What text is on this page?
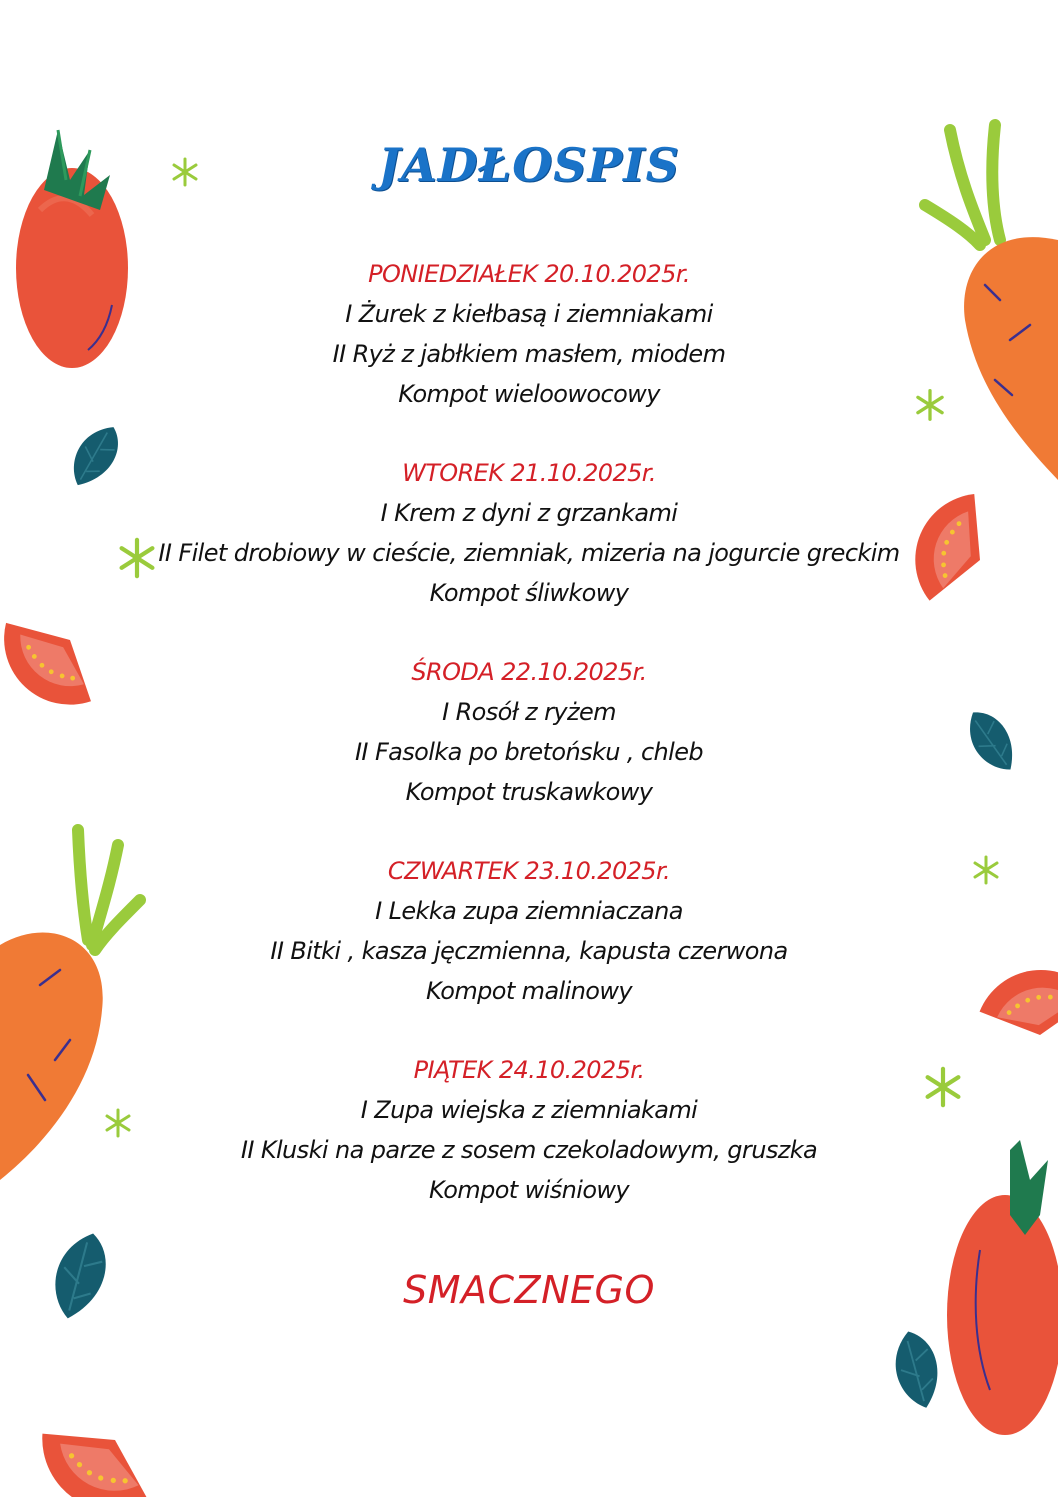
JADŁOSPIS
PONIEDZIAŁEK 20.10.2025r.
I Żurek z kiełbasą i ziemniakami
II Ryż z jabłkiem masłem, miodem
Kompot wieloowocowy
WTOREK 21.10.2025r.
I Krem z dyni z grzankami
II Filet drobiowy w cieście, ziemniak, mizeria na jogurcie greckim
Kompot śliwkowy
ŚRODA 22.10.2025r.
I Rosół z ryżem
II Fasolka po bretońsku , chleb
Kompot truskawkowy
CZWARTEK 23.10.2025r.
I Lekka zupa ziemniaczana
II Bitki , kasza jęczmienna, kapusta czerwona
Kompot malinowy
PIĄTEK 24.10.2025r.
I Zupa wiejska z ziemniakami
II Kluski na parze z sosem czekoladowym, gruszka
Kompot wiśniowy
SMACZNEGO
